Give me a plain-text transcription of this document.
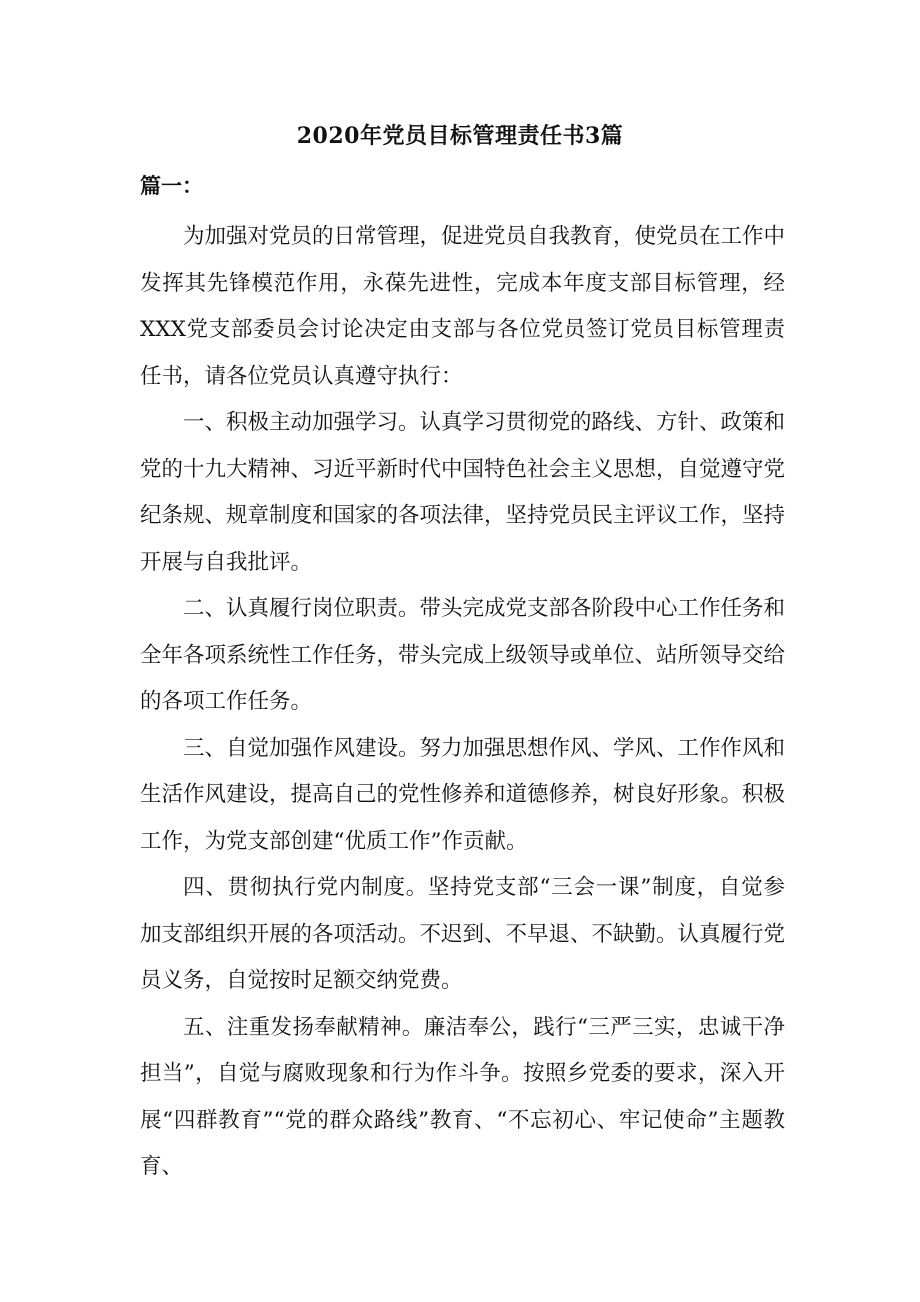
2020年党员目标管理责任书3篇
篇一：

为加强对党员的日常管理，促进党员自我教育，使党员在工作中发挥其先锋模范作用，永葆先进性，完成本年度支部目标管理，经XXX党支部委员会讨论决定由支部与各位党员签订党员目标管理责任书，请各位党员认真遵守执行：

一、积极主动加强学习。认真学习贯彻党的路线、方针、政策和党的十九大精神、习近平新时代中国特色社会主义思想，自觉遵守党纪条规、规章制度和国家的各项法律，坚持党员民主评议工作，坚持开展与自我批评。

二、认真履行岗位职责。带头完成党支部各阶段中心工作任务和全年各项系统性工作任务，带头完成上级领导或单位、站所领导交给的各项工作任务。

三、自觉加强作风建设。努力加强思想作风、学风、工作作风和生活作风建设，提高自己的党性修养和道德修养，树良好形象。积极工作，为党支部创建“优质工作”作贡献。

四、贯彻执行党内制度。坚持党支部“三会一课”制度，自觉参加支部组织开展的各项活动。不迟到、不早退、不缺勤。认真履行党员义务，自觉按时足额交纳党费。

五、注重发扬奉献精神。廉洁奉公，践行“三严三实，忠诚干净担当”，自觉与腐败现象和行为作斗争。按照乡党委的要求，深入开展“四群教育”“党的群众路线”教育、“不忘初心、牢记使命”主题教育、
